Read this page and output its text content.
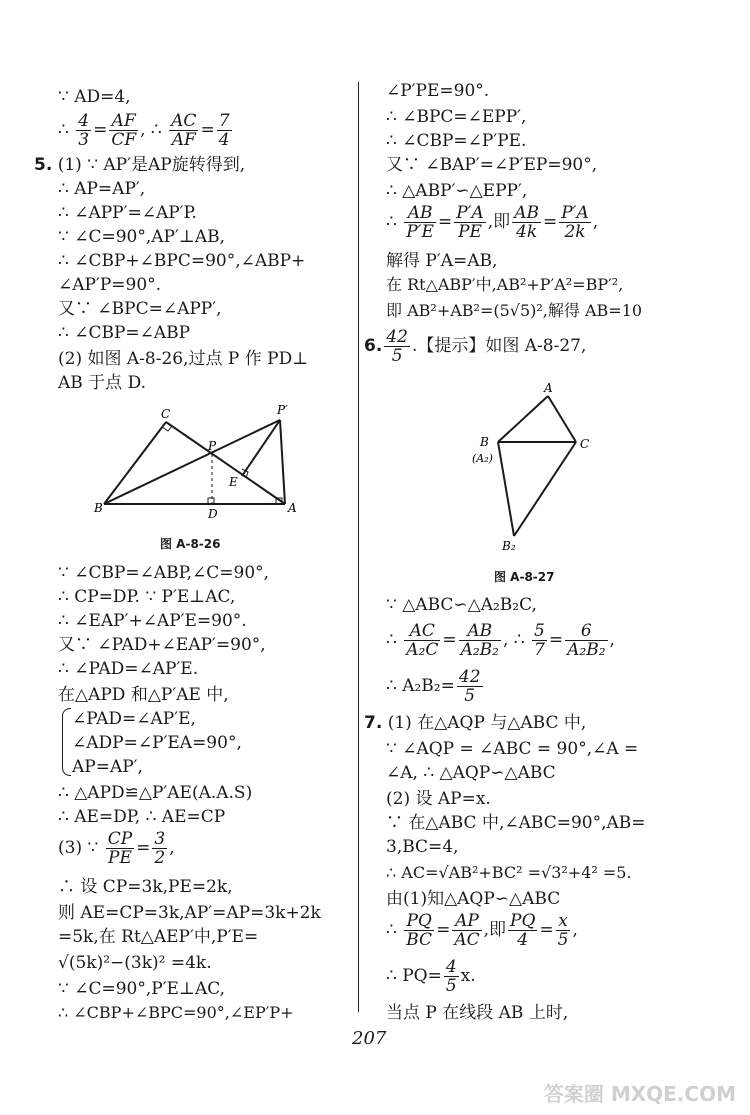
∵ AD=4,
∴ $\frac{4}{3} = \frac{AF}{CF}$ , ∴ $\frac{AC}{AF} = \frac{7}{4}$
5. (1) ∵ AP′是AP旋转得到,
∴ AP=AP′,
∴ ∠APP′=∠AP′P.
∵ ∠C=90°,AP′⊥AB,
∴ ∠CBP+∠BPC=90°,∠ABP+
∠AP′P=90°.
又∵ ∠BPC=∠APP′,
∴ ∠CBP=∠ABP
(2) 如图 A-8-26,过点 P 作 PD⊥
AB 于点 D.
C
P
P′
B	D	A
E
图 A-8-26
∵ ∠CBP=∠ABP,∠C=90°,
∴ CP=DP. ∵ P′E⊥AC,
∴ ∠EAP′+∠AP′E=90°.
又∵ ∠PAD+∠EAP′=90°,
∴ ∠PAD=∠AP′E.
在△APD 和△P′AE 中,
∠PAD=∠AP′E,
∠ADP=∠P′EA=90°,
AP=AP′,
∴ △APD≌△P′AE(A.A.S)
∴ AE=DP, ∴ AE=CP
(3) ∵ $\frac{CP}{PE} = \frac{3}{2}$ ,
∴ 设 CP=3k,PE=2k,
则 AE=CP=3k,AP′=AP=3k+2k
=5k,在 Rt△AEP′中,P′E=
√(5k)²−(3k)² =4k.
∵ ∠C=90°,P′E⊥AC,
∴ ∠CBP+∠BPC=90°,∠EP′P+
∠P′PE=90°.
∴ ∠BPC=∠EPP′,
∴ ∠CBP=∠P′PE.
又∵ ∠BAP′=∠P′EP=90°,
∴ △ABP′∽△EPP′,
∴ $\frac{AB}{P'E} = \frac{P'A}{PE}$ ,即 $\frac{AB}{4k} = \frac{P'A}{2k}$ ,
解得 P′A=AB,
在 Rt△ABP′中,AB²+P′A²=BP′²,
即 AB²+AB²=(5√5)²,解得 AB=10
6. $\frac{42}{5}$ .【提示】如图 A-8-27,
A
B
(A₂)
C
B₂
图 A-8-27
∵ △ABC∽△A₂B₂C,
∴ $\frac{AC}{\text{A₂C}} = \frac{AB}{\text{A₂B₂}}$ , ∴ $\frac{5}{7} = \frac{6}{\text{A₂B₂}}$ ,
∴ $A_2B_2= \frac{42}{5}$
7. (1) 在△AQP 与△ABC 中,
∵ ∠AQP = ∠ABC = 90°,∠A =
∠A, ∴ △AQP∽△ABC
(2) 设 AP=x.
∵ 在△ABC 中,∠ABC=90°,AB=
3,BC=4,
∴ AC=√AB²+BC² =√3²+4² =5.
由(1)知△AQP∽△ABC
∴ $\frac{PQ}{BC} = \frac{AP}{AC}$ ,即 $\frac{PQ}{4} = \frac{x}{5}$ ,
∴ $PQ= \frac{4}{5} x$.
当点 P 在线段 AB 上时,
207
答案圈 MXQE.COM
